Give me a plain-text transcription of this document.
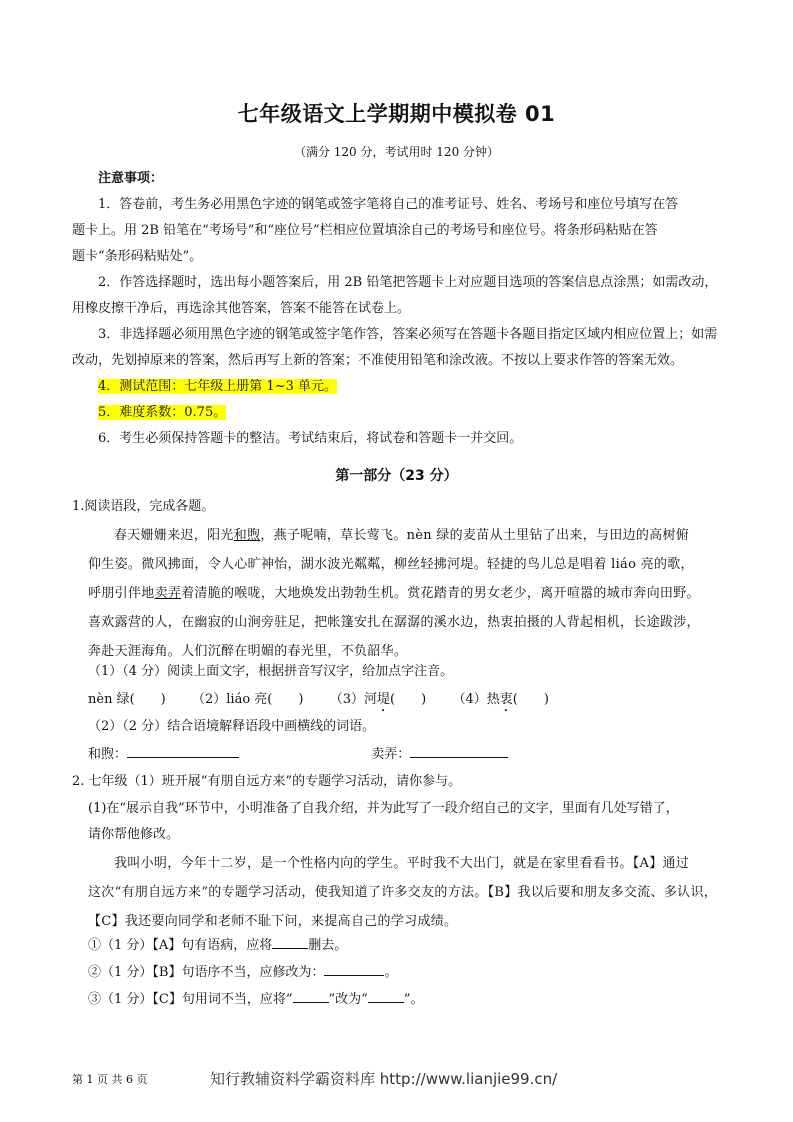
七年级语文上学期期中模拟卷 01
（满分 120 分，考试用时 120 分钟）
注意事项：
1．答卷前，考生务必用黑色字迹的钢笔或签字笔将自己的准考证号、姓名、考场号和座位号填写在答
题卡上。用 2B 铅笔在“考场号”和“座位号”栏相应位置填涂自己的考场号和座位号。将条形码粘贴在答
题卡“条形码粘贴处”。
2．作答选择题时，选出每小题答案后，用 2B 铅笔把答题卡上对应题目选项的答案信息点涂黑；如需改动，
用橡皮擦干净后，再选涂其他答案，答案不能答在试卷上。
3．非选择题必须用黑色字迹的钢笔或签字笔作答，答案必须写在答题卡各题目指定区域内相应位置上；如需
改动，先划掉原来的答案，然后再写上新的答案；不准使用铅笔和涂改液。不按以上要求作答的答案无效。
4．测试范围：七年级上册第 1~3 单元。
5．难度系数：0.75。
6．考生必须保持答题卡的整洁。考试结束后，将试卷和答题卡一并交回。
第一部分（23 分）
1.阅读语段，完成各题。
春天姗姗来迟，阳光和煦，燕子呢喃，草长莺飞。nèn 绿的麦苗从土里钻了出来，与田边的高树俯
仰生姿。微风拂面，令人心旷神怡，湖水波光粼粼，柳丝轻拂河堤。轻捷的鸟儿总是唱着 liáo 亮的歌，
呼朋引伴地卖弄着清脆的喉咙，大地焕发出勃勃生机。赏花踏青的男女老少，离开喧嚣的城市奔向田野。
喜欢露营的人，在幽寂的山涧旁驻足，把帐篷安扎在潺潺的溪水边，热衷拍摄的人背起相机，长途跋涉，
奔赴天涯海角。人们沉醉在明媚的春光里，不负韶华。
（1）（4 分）阅读上面文字，根据拼音写汉字，给加点字注音。
nèn 绿(　　) （2）liáo 亮(　　) （3）河堤(　　) （4）热衷(　　)
（2）（2 分）结合语境解释语段中画横线的词语。
和煦：	卖弄：
2. 七年级（1）班开展“有朋自远方来”的专题学习活动，请你参与。
(1)在“展示自我”环节中，小明准备了自我介绍，并为此写了一段介绍自己的文字，里面有几处写错了，
请你帮他修改。
我叫小明，今年十二岁，是一个性格内向的学生。平时我不大出门，就是在家里看看书。【A】通过
这次“有朋自远方来”的专题学习活动，使我知道了许多交友的方法。【B】我以后要和朋友多交流、多认识，
【C】我还要向同学和老师不耻下问，来提高自己的学习成绩。
①（1 分）【A】句有语病，应将	删去。
②（1 分）【B】句语序不当，应修改为：	。
③（1 分）【C】句用词不当，应将“	”改为“	”。
第 1 页 共 6 页	知行教辅资料学霸资料库 http://www.lianjie99.cn/
